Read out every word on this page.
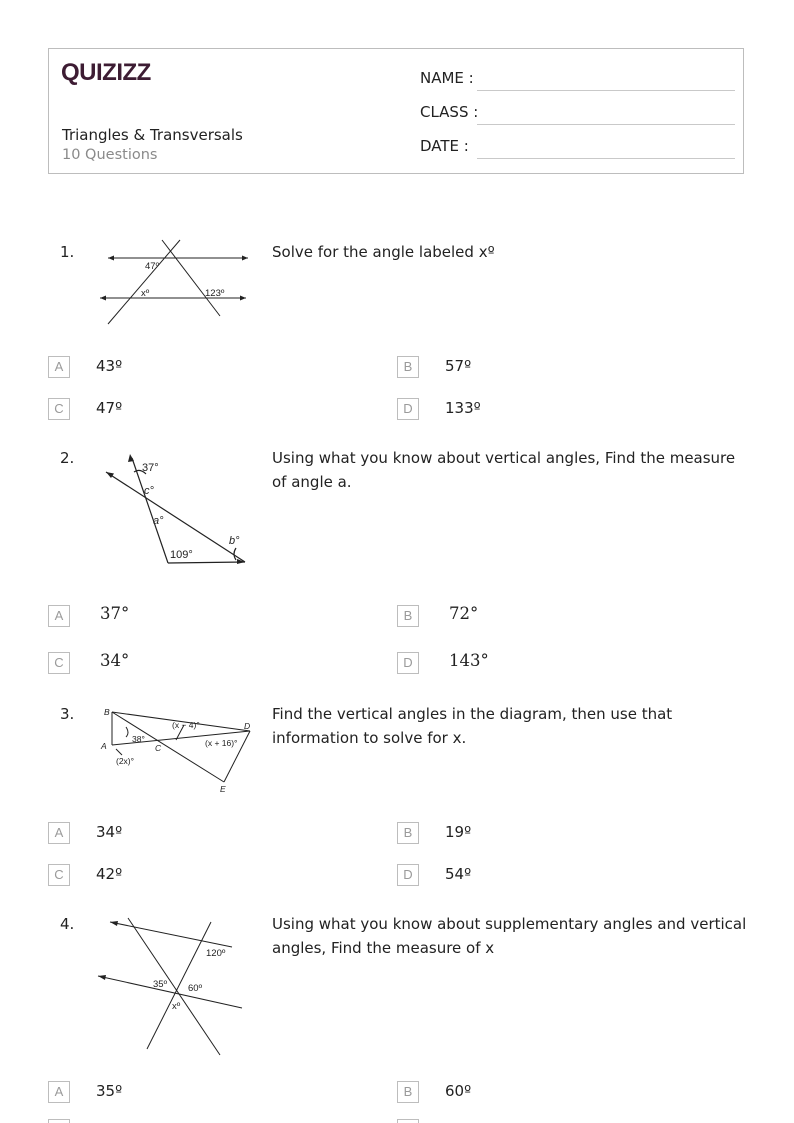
QUIZIZZ
Triangles & Transversals
10 Questions
NAME :
CLASS :
DATE :
1.
47º
xº	123º
Solve for the angle labeled xº
A	43º	B	57º
C	47º	D	133º
2.
37°
c°
a°
b°
109°
Using what you know about vertical angles, Find the measure of angle a.
A	37°	B	72°
C	34°	D	143°
3.	B
A	C
D
E
38°
(x − 4)°
(x + 16)°
(2x)°
Find the vertical angles in the diagram, then use that information to solve for x.
A	34º	B	19º
C	42º	D	54º
4.
120º
35º 60º
xº
Using what you know about supplementary angles and vertical angles, Find the measure of x
A	35º	B	60º
